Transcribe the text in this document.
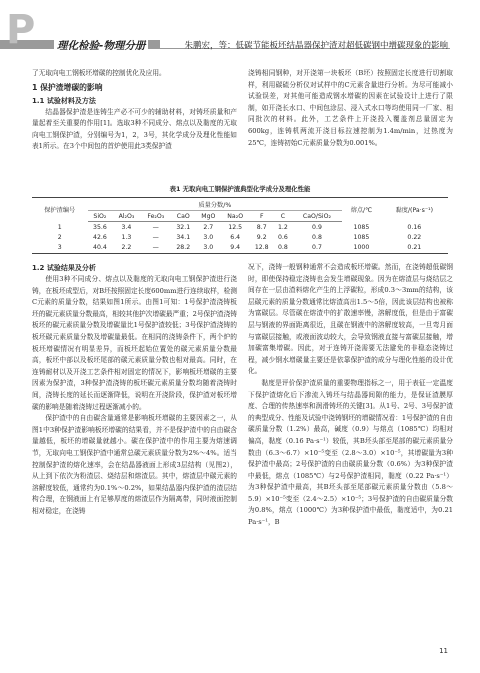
P	理化检验-物理分册	朱鹏宏，等：低碳节能板坯结晶器保护渣对超低碳钢中增碳现象的影响

了无取向电工钢板坯增碳的控制优化及应用。

1 保护渣增碳的影响
1.1 试验材料及方法

结晶器保护渣是连铸生产必不可少的辅助材料，对铸坯质量和产量起着至关重要的作用[1]。选取3种不同成分、熔点以及黏度的无取向电工钢保护渣，分别编号为1，2，3号，其化学成分及理化性能如表1所示。在3个中间包的首炉使用此3类保护渣

浇铸相同钢种，对开浇第一块板坯（B坯）按照固定长度进行切割取样，利用碳硫分析仪对试样中的C元素含量进行分析。为尽可能减小试验误差，对其他可能造成钢水增碳的因素在试验设计上进行了限制，如开浇长水口、中间包涂层、浸入式水口等均使用同一厂家、相同批次的材料。此外，工艺条件上开浇投入覆盖剂总量固定为600kg，连铸机两流开浇目标拉速控制为1.4m/min，过热度为25℃，连铸初始C元素质量分数为0.001%。

表1 无取向电工钢保护渣典型化学成分及理化性能
保护渣编号	质量分数/%									熔点/℃	黏度/(Pa·s⁻¹)
	SiO₂	Al₂O₃	Fe₂O₃	CaO	MgO	Na₂O	F	C	CaO/SiO₂		
1	35.6	3.4	—	32.1	2.7	12.5	8.7	1.2	0.9	1085	0.16
2	42.6	1.3	—	34.1	3.0	6.4	9.2	0.6	0.8	1085	0.22
3	40.4	2.2	—	28.2	3.0	9.4	12.8	0.8	0.7	1000	0.21
1.2 试验结果及分析

使用3种不同成分、熔点以及黏度的无取向电工钢保护渣进行浇铸，在板坯成型后，对B坯按照固定长度600mm进行连续取样，检测C元素的质量分数，结果如图1所示。由图1可知：1号保护渣浇铸板坯的碳元素质量分数最高，相较其他护次增碳最严重；2号保护渣浇铸板坯的碳元素质量分数及增碳量比1号保护渣较低；3号保护渣浇铸的板坯碳元素质量分数及增碳量最低。在相同的浇铸条件下，两个炉的板坯增碳情况有明显差异，而板坯起始位置处的碳元素质量分数最高，板坯中部以及板坯尾部的碳元素质量分数也相对最高。同时，在连铸耐材以及开浇工艺条件相对固定的情况下，影响板坯增碳的主要因素为保护渣，3种保护渣浇铸的板坯碳元素质量分数均随着浇铸时间，浇铸长度的延长而逐渐降低，说明在开浇阶段，保护渣对板坯增碳的影响是随着浇铸过程逐渐减小的。

保护渣中的自由碳含量通常是影响板坯增碳的主要因素之一，从图1中3种保护渣影响板坯增碳的结果看，并不是保护渣中的自由碳含量越低，板坯的增碳量就越小。碳在保护渣中的作用主要为熔速调节，无取向电工钢保护渣中通常总碳元素质量分数为2%～4%。适当控制保护渣的熔化速率，会在结晶器液面上形成3层结构（见图2），从上到下依次为粉渣层、烧结层和熔渣层。其中，熔渣层中碳元素的溶解度较低，通常约为0.1%～0.2%，如果结晶器内保护渣的渣层结构合理，在钢液面上有足够厚度的熔渣层作为隔离带，同时液面控制相对稳定，在浇铸

况下，浇铸一般钢种通常不会造成板坯增碳。然而，在浇铸超低碳钢时，即使保持稳定浇铸也会发生增碳现象。因为在熔渣层与烧结层之间存在一层由渣料熔化产生的上浮碳粒，形成0.3～3mm的结构，该层碳元素的质量分数通常比熔渣高出1.5～5倍，因此该层结构也被称为富碳层。尽管碳在熔渣中的扩散速率慢，溶解度低，但是由于富碳层与钢液的界面距离很近，且碳在钢液中的溶解度较高，一旦弯月面与富碳层接触，或液面波动较大，会导致钢液直接与富碳层接触，增加碳富集增碳。因此，对于连铸开浇需要无法避免的非稳态浇铸过程，减少钢水增碳量主要还是依靠保护渣的成分与理化性能的设计优化。

黏度是评价保护渣质量的重要物理指标之一，用于表征一定温度下保护渣熔化后下渗流入铸坯与结晶器间隙的能力，是保证渣膜厚度、合理的传热速率和润滑铸坯的关键[3]。从1号、2号、3号保护渣的典型成分、性能及试验中浇铸钢坯的增碳情况看：1号保护渣的自由碳质量分数（1.2%）最高，碱度（0.9）与熔点（1085℃）均相对偏高，黏度（0.16 Pa·s⁻¹）较低，其B坯头部至尾部的碳元素质量分数由（6.3～6.7）×10⁻⁵变至（2.8～3.0）×10⁻⁵，其增碳量为3种保护渣中最高；2号保护渣的自由碳质量分数（0.6%）为3种保护渣中最低，熔点（1085℃）与2号保护渣相同，黏度（0.22 Pa·s⁻¹）为3种保护渣中最高，其B坯头部至尾部碳元素质量分数由（5.8～5.9）×10⁻⁵变至（2.4～2.5）×10⁻⁵；3号保护渣的自由碳质量分数为0.8%，熔点（1000℃）为3种保护渣中最低，黏度适中，为0.21 Pa·s⁻¹，B

11
